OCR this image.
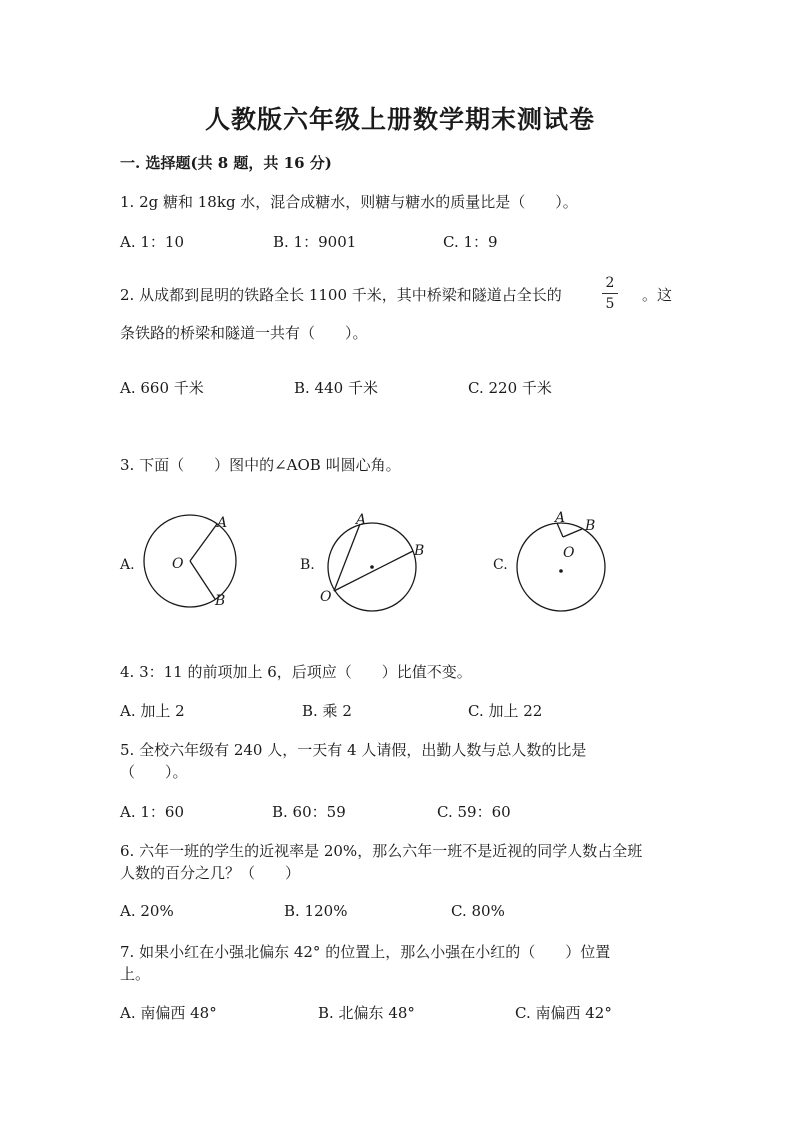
人教版六年级上册数学期末测试卷
一. 选择题(共 8 题，共 16 分)
1. 2g 糖和 18kg 水，混合成糖水，则糖与糖水的质量比是（　　）。
A. 1：10	B. 1：9001	C. 1：9
2. 从成都到昆明的铁路全长 1100 千米，其中桥梁和隧道占全长的
2
5 。这
条铁路的桥梁和隧道一共有（　　）。
A. 660 千米	B. 440 千米	C. 220 千米
3. 下面（　　）图中的∠AOB 叫圆心角。
A.	O
A
B
B.
O
A
B
C.
O
A B
4. 3：11 的前项加上 6，后项应（　　）比值不变。
A. 加上 2	B. 乘 2	C. 加上 22
5. 全校六年级有 240 人，一天有 4 人请假，出勤人数与总人数的比是
（　　）。
A. 1：60	B. 60：59	C. 59：60
6. 六年一班的学生的近视率是 20%，那么六年一班不是近视的同学人数占全班
人数的百分之几？（　　）
A. 20%	B. 120%	C. 80%
7. 如果小红在小强北偏东 42° 的位置上，那么小强在小红的（　　）位置
上。
A. 南偏西 48°	B. 北偏东 48°	C. 南偏西 42°
